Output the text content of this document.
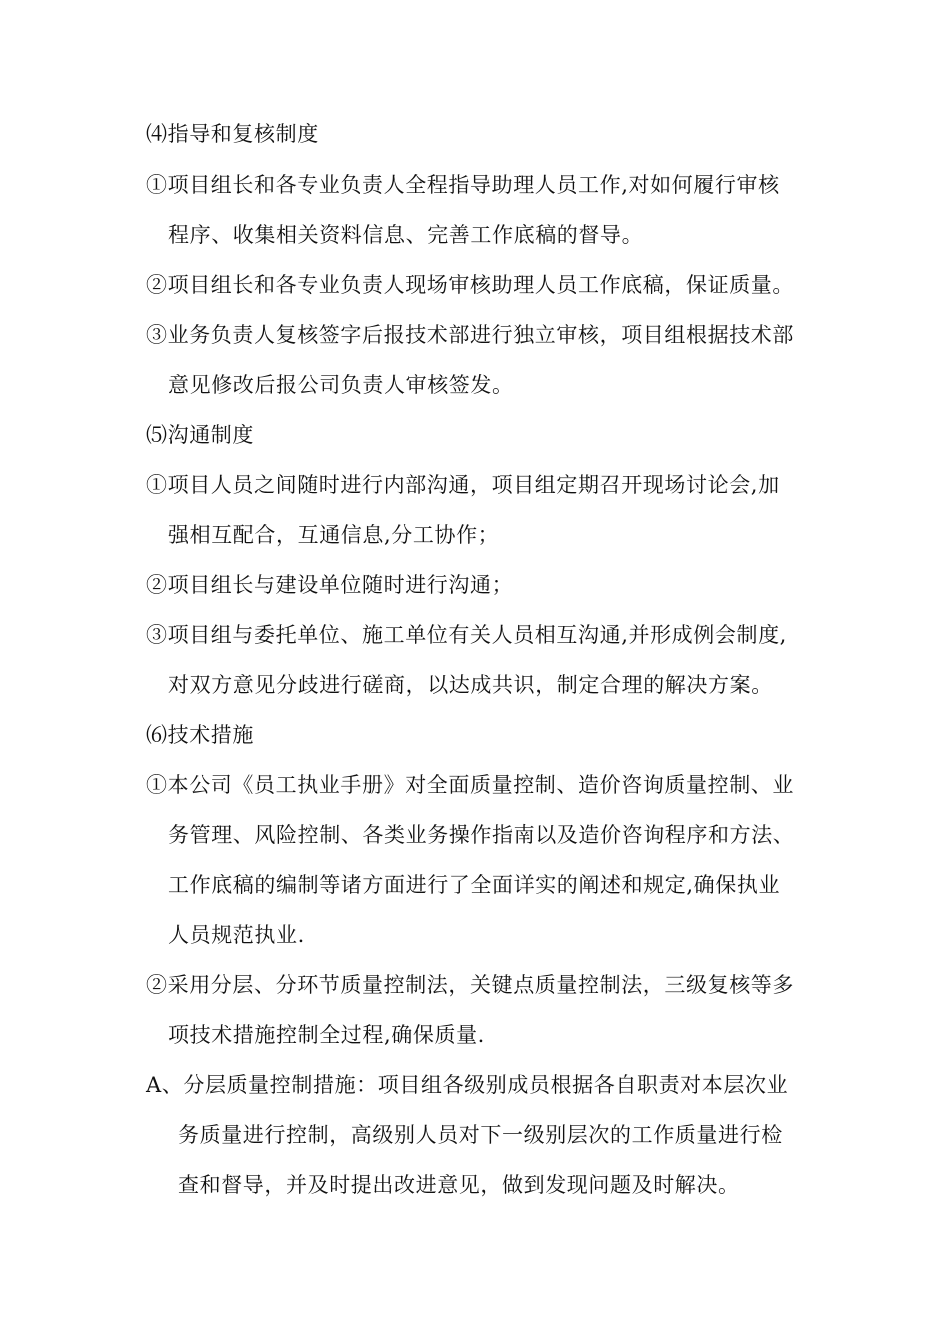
⑷指导和复核制度
①项目组长和各专业负责人全程指导助理人员工作,对如何履行审核
程序、收集相关资料信息、完善工作底稿的督导。
②项目组长和各专业负责人现场审核助理人员工作底稿，保证质量。
③业务负责人复核签字后报技术部进行独立审核，项目组根据技术部
意见修改后报公司负责人审核签发。
⑸沟通制度
①项目人员之间随时进行内部沟通，项目组定期召开现场讨论会,加
强相互配合，互通信息,分工协作；
②项目组长与建设单位随时进行沟通；
③项目组与委托单位、施工单位有关人员相互沟通,并形成例会制度,
对双方意见分歧进行磋商，以达成共识，制定合理的解决方案。
⑹技术措施
①本公司《员工执业手册》对全面质量控制、造价咨询质量控制、业
务管理、风险控制、各类业务操作指南以及造价咨询程序和方法、
工作底稿的编制等诸方面进行了全面详实的阐述和规定,确保执业
人员规范执业.
②采用分层、分环节质量控制法，关键点质量控制法，三级复核等多
项技术措施控制全过程,确保质量.
A、分层质量控制措施：项目组各级别成员根据各自职责对本层次业
务质量进行控制，高级别人员对下一级别层次的工作质量进行检
查和督导，并及时提出改进意见，做到发现问题及时解决。
